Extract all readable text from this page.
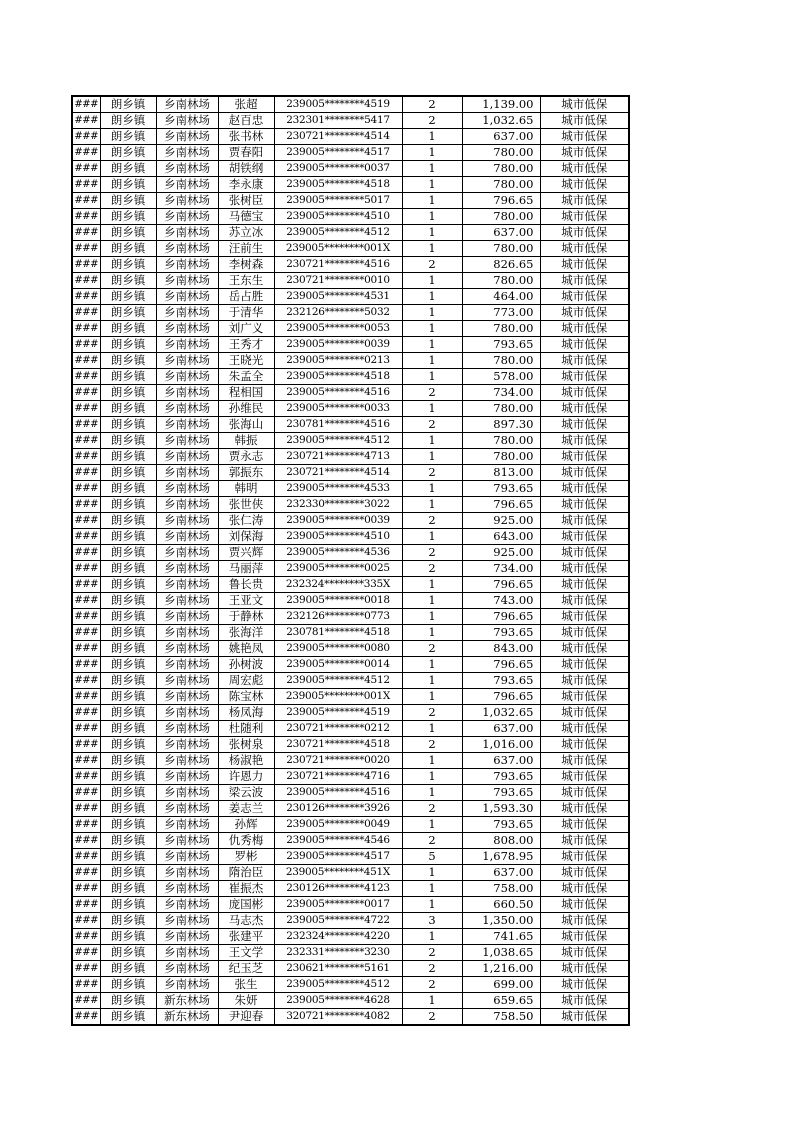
###	朗乡镇	乡南林场	张超	239005********4519	2	1,139.00	城市低保
###	朗乡镇	乡南林场	赵百忠	232301********5417	2	1,032.65	城市低保
###	朗乡镇	乡南林场	张书林	230721********4514	1	637.00	城市低保
###	朗乡镇	乡南林场	贾春阳	239005********4517	1	780.00	城市低保
###	朗乡镇	乡南林场	胡铁纲	239005********0037	1	780.00	城市低保
###	朗乡镇	乡南林场	李永康	239005********4518	1	780.00	城市低保
###	朗乡镇	乡南林场	张树臣	239005********5017	1	796.65	城市低保
###	朗乡镇	乡南林场	马德宝	239005********4510	1	780.00	城市低保
###	朗乡镇	乡南林场	苏立冰	239005********4512	1	637.00	城市低保
###	朗乡镇	乡南林场	汪前生	239005********001X	1	780.00	城市低保
###	朗乡镇	乡南林场	李树森	230721********4516	2	826.65	城市低保
###	朗乡镇	乡南林场	王东生	230721********0010	1	780.00	城市低保
###	朗乡镇	乡南林场	岳占胜	239005********4531	1	464.00	城市低保
###	朗乡镇	乡南林场	于清华	232126********5032	1	773.00	城市低保
###	朗乡镇	乡南林场	刘广义	239005********0053	1	780.00	城市低保
###	朗乡镇	乡南林场	王秀才	239005********0039	1	793.65	城市低保
###	朗乡镇	乡南林场	王晓光	239005********0213	1	780.00	城市低保
###	朗乡镇	乡南林场	朱孟全	239005********4518	1	578.00	城市低保
###	朗乡镇	乡南林场	程相国	239005********4516	2	734.00	城市低保
###	朗乡镇	乡南林场	孙维民	239005********0033	1	780.00	城市低保
###	朗乡镇	乡南林场	张海山	230781********4516	2	897.30	城市低保
###	朗乡镇	乡南林场	韩振	239005********4512	1	780.00	城市低保
###	朗乡镇	乡南林场	贾永志	230721********4713	1	780.00	城市低保
###	朗乡镇	乡南林场	郭振东	230721********4514	2	813.00	城市低保
###	朗乡镇	乡南林场	韩明	239005********4533	1	793.65	城市低保
###	朗乡镇	乡南林场	张世侠	232330********3022	1	796.65	城市低保
###	朗乡镇	乡南林场	张仁涛	239005********0039	2	925.00	城市低保
###	朗乡镇	乡南林场	刘保海	239005********4510	1	643.00	城市低保
###	朗乡镇	乡南林场	贾兴辉	239005********4536	2	925.00	城市低保
###	朗乡镇	乡南林场	马丽萍	239005********0025	2	734.00	城市低保
###	朗乡镇	乡南林场	鲁长贵	232324********335X	1	796.65	城市低保
###	朗乡镇	乡南林场	王亚文	239005********0018	1	743.00	城市低保
###	朗乡镇	乡南林场	于静林	232126********0773	1	796.65	城市低保
###	朗乡镇	乡南林场	张海洋	230781********4518	1	793.65	城市低保
###	朗乡镇	乡南林场	姚艳凤	239005********0080	2	843.00	城市低保
###	朗乡镇	乡南林场	孙树波	239005********0014	1	796.65	城市低保
###	朗乡镇	乡南林场	周宏彪	239005********4512	1	793.65	城市低保
###	朗乡镇	乡南林场	陈宝林	239005********001X	1	796.65	城市低保
###	朗乡镇	乡南林场	杨凤海	239005********4519	2	1,032.65	城市低保
###	朗乡镇	乡南林场	杜随利	230721********0212	1	637.00	城市低保
###	朗乡镇	乡南林场	张树泉	230721********4518	2	1,016.00	城市低保
###	朗乡镇	乡南林场	杨淑艳	230721********0020	1	637.00	城市低保
###	朗乡镇	乡南林场	许恩力	230721********4716	1	793.65	城市低保
###	朗乡镇	乡南林场	梁云波	239005********4516	1	793.65	城市低保
###	朗乡镇	乡南林场	姜志兰	230126********3926	2	1,593.30	城市低保
###	朗乡镇	乡南林场	孙辉	239005********0049	1	793.65	城市低保
###	朗乡镇	乡南林场	仇秀梅	239005********4546	2	808.00	城市低保
###	朗乡镇	乡南林场	罗彬	239005********4517	5	1,678.95	城市低保
###	朗乡镇	乡南林场	隋治臣	239005********451X	1	637.00	城市低保
###	朗乡镇	乡南林场	崔振杰	230126********4123	1	758.00	城市低保
###	朗乡镇	乡南林场	庞国彬	239005********0017	1	660.50	城市低保
###	朗乡镇	乡南林场	马志杰	239005********4722	3	1,350.00	城市低保
###	朗乡镇	乡南林场	张建平	232324********4220	1	741.65	城市低保
###	朗乡镇	乡南林场	王文学	232331********3230	2	1,038.65	城市低保
###	朗乡镇	乡南林场	纪玉芝	230621********5161	2	1,216.00	城市低保
###	朗乡镇	乡南林场	张生	239005********4512	2	699.00	城市低保
###	朗乡镇	新东林场	朱妍	239005********4628	1	659.65	城市低保
###	朗乡镇	新东林场	尹迎春	320721********4082	2	758.50	城市低保
